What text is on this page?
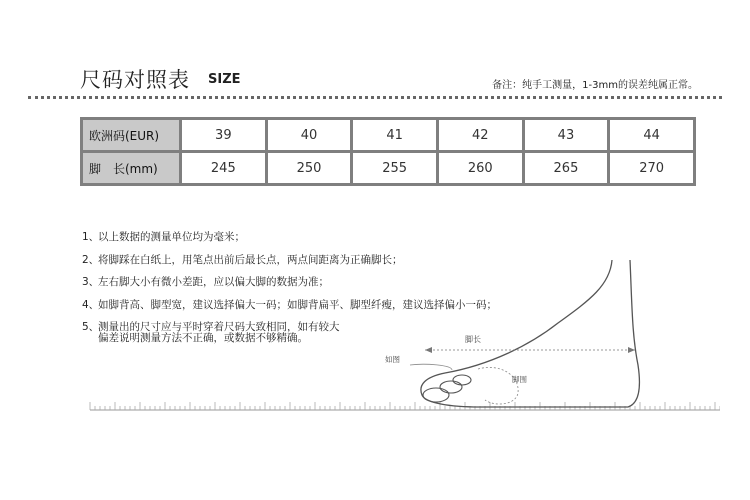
尺码对照表 SIZE	备注：纯手工测量，1-3mm的误差纯属正常。
欧洲码(EUR)	39	40	41	42	43	44
脚　长(mm)	245	250	255	260	265	270
脚长
如图
脚围
1、以上数据的测量单位均为毫米；
2、将脚踩在白纸上，用笔点出前后最长点，两点间距离为正确脚长；
3、左右脚大小有微小差距，应以偏大脚的数据为准；
4、如脚背高、脚型宽，建议选择偏大一码；如脚背扁平、脚型纤瘦，建议选择偏小一码；
5、测量出的尺寸应与平时穿着尺码大致相同，如有较大
偏差说明测量方法不正确，或数据不够精确。
